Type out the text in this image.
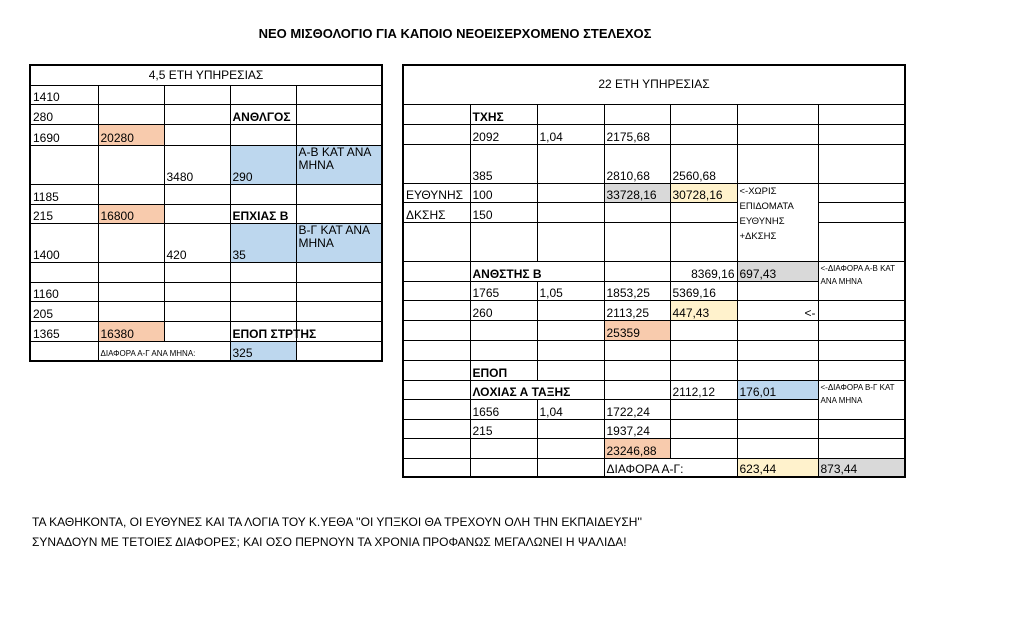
ΝΕΟ ΜΙΣΘΟΛΟΓΙΟ ΓΙΑ ΚΑΠΟΙΟ ΝΕΟΕΙΣΕΡΧΟΜΕΝΟ ΣΤΕΛΕΧΟΣ
4,5 ΕΤΗ ΥΠΗΡΕΣΙΑΣ				
1410				
280			ΑΝΘΛΓΟΣ	
1690	20280			
		3480	290	Α-Β ΚΑΤ ΑΝΑ ΜΗΝΑ
1185				
215	16800		ΕΠΧΙΑΣ Β	
1400		420	35	Β-Γ ΚΑΤ ΑΝΑ ΜΗΝΑ

1160				
205				
1365	16380		ΕΠΟΠ ΣΤΡΤΗΣ	
	ΔΙΑΦΟΡΑ Α-Γ ΑΝΑ ΜΗΝΑ:		325	
22 ΕΤΗ ΥΠΗΡΕΣΙΑΣ						
	ΤΧΗΣ					
	2092	1,04	2175,68			
	385		2810,68	2560,68		
ΕΥΘΥΝΗΣ	100		33728,16	30728,16	<-ΧΩΡΙΣ ΕΠΙΔΟΜΑΤΑ ΕΥΘΥΝΗΣ +ΔΚΣΗΣ	
ΔΚΣΗΣ	150					

	ΑΝΘΣΤΗΣ Β			8369,16	697,43	<-ΔΙΑΦΟΡΑ Α-Β ΚΑΤ ΑΝΑ ΜΗΝΑ
	1765	1,05	1853,25	5369,16		
	260		2113,25	447,43	<-	
			25359			

	ΕΠΟΠ					
	ΛΟΧΙΑΣ Α ΤΑΞΗΣ			2112,12	176,01	<-ΔΙΑΦΟΡΑ Β-Γ ΚΑΤ ΑΝΑ ΜΗΝΑ
	1656	1,04	1722,24			
	215		1937,24			
			23246,88			
			ΔΙΑΦΟΡΑ Α-Γ:		623,44	873,44
ΤΑ ΚΑΘΗΚΟΝΤΑ, ΟΙ ΕΥΘΥΝΕΣ ΚΑΙ ΤΑ ΛΟΓΙΑ ΤΟΥ Κ.ΥΕΘΑ ''ΟΙ ΥΠΞΚΟΙ ΘΑ ΤΡΕΧΟΥΝ ΟΛΗ ΤΗΝ ΕΚΠΑΙΔΕΥΣΗ''
ΣΥΝΑΔΟΥΝ ΜΕ ΤΕΤΟΙΕΣ ΔΙΑΦΟΡΕΣ; ΚΑΙ ΟΣΟ ΠΕΡΝΟΥΝ ΤΑ ΧΡΟΝΙΑ ΠΡΟΦΑΝΩΣ ΜΕΓΑΛΩΝΕΙ Η ΨΑΛΙΔΑ!
